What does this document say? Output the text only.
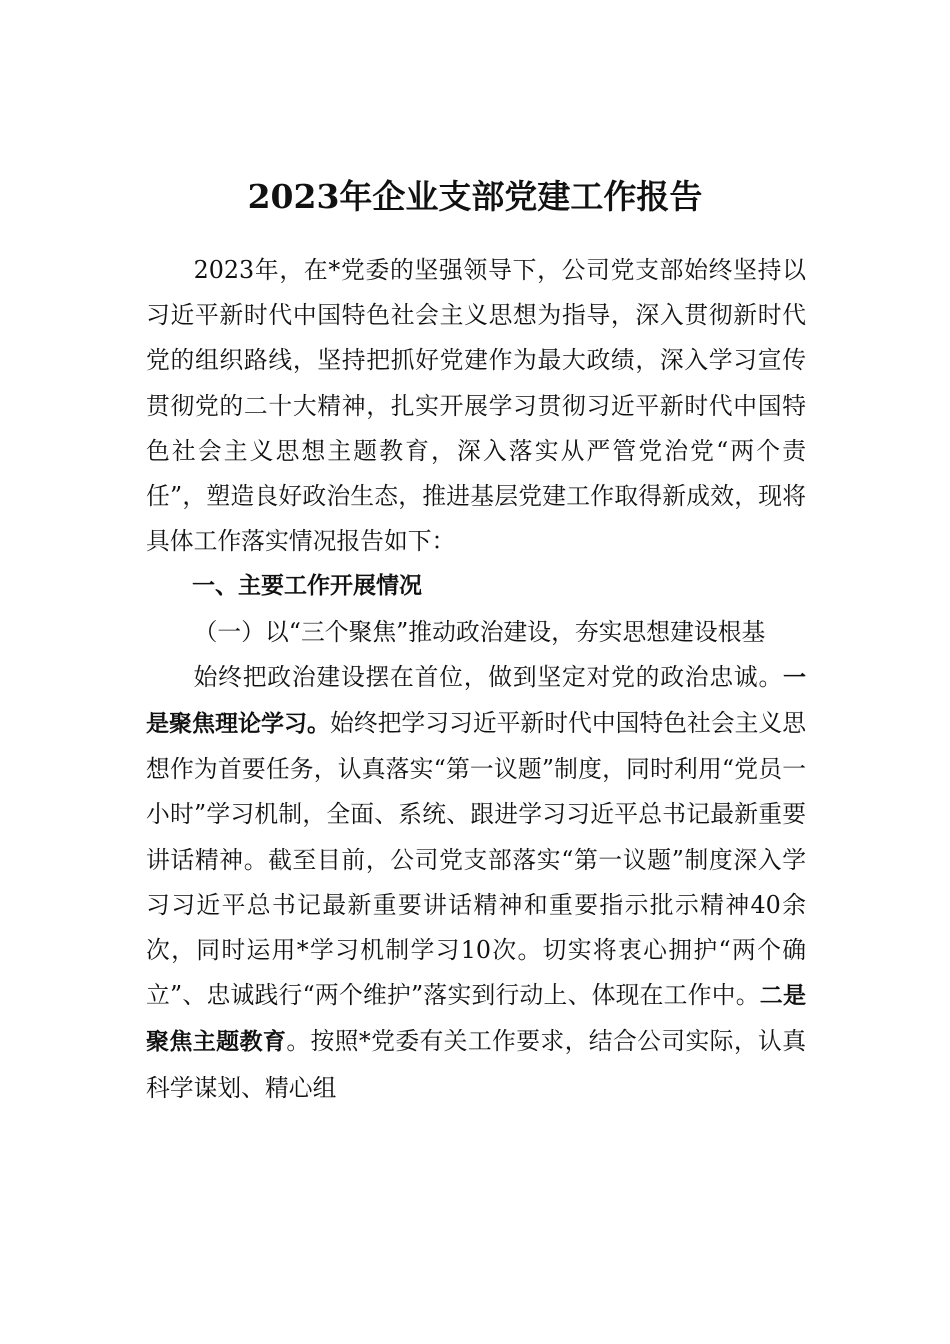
2023年企业支部党建工作报告

2023年，在*党委的坚强领导下，公司党支部始终坚持以习近平新时代中国特色社会主义思想为指导，深入贯彻新时代党的组织路线，坚持把抓好党建作为最大政绩，深入学习宣传贯彻党的二十大精神，扎实开展学习贯彻习近平新时代中国特色社会主义思想主题教育，深入落实从严管党治党“两个责任”，塑造良好政治生态，推进基层党建工作取得新成效，现将具体工作落实情况报告如下：

一、主要工作开展情况

（一）以“三个聚焦”推动政治建设，夯实思想建设根基

始终把政治建设摆在首位，做到坚定对党的政治忠诚。一是聚焦理论学习。始终把学习习近平新时代中国特色社会主义思想作为首要任务，认真落实“第一议题”制度，同时利用“党员一小时”学习机制，全面、系统、跟进学习习近平总书记最新重要讲话精神。截至目前，公司党支部落实“第一议题”制度深入学习习近平总书记最新重要讲话精神和重要指示批示精神40余次，同时运用*学习机制学习10次。切实将衷心拥护“两个确立”、忠诚践行“两个维护”落实到行动上、体现在工作中。二是聚焦主题教育。按照*党委有关工作要求，结合公司实际，认真科学谋划、精心组
